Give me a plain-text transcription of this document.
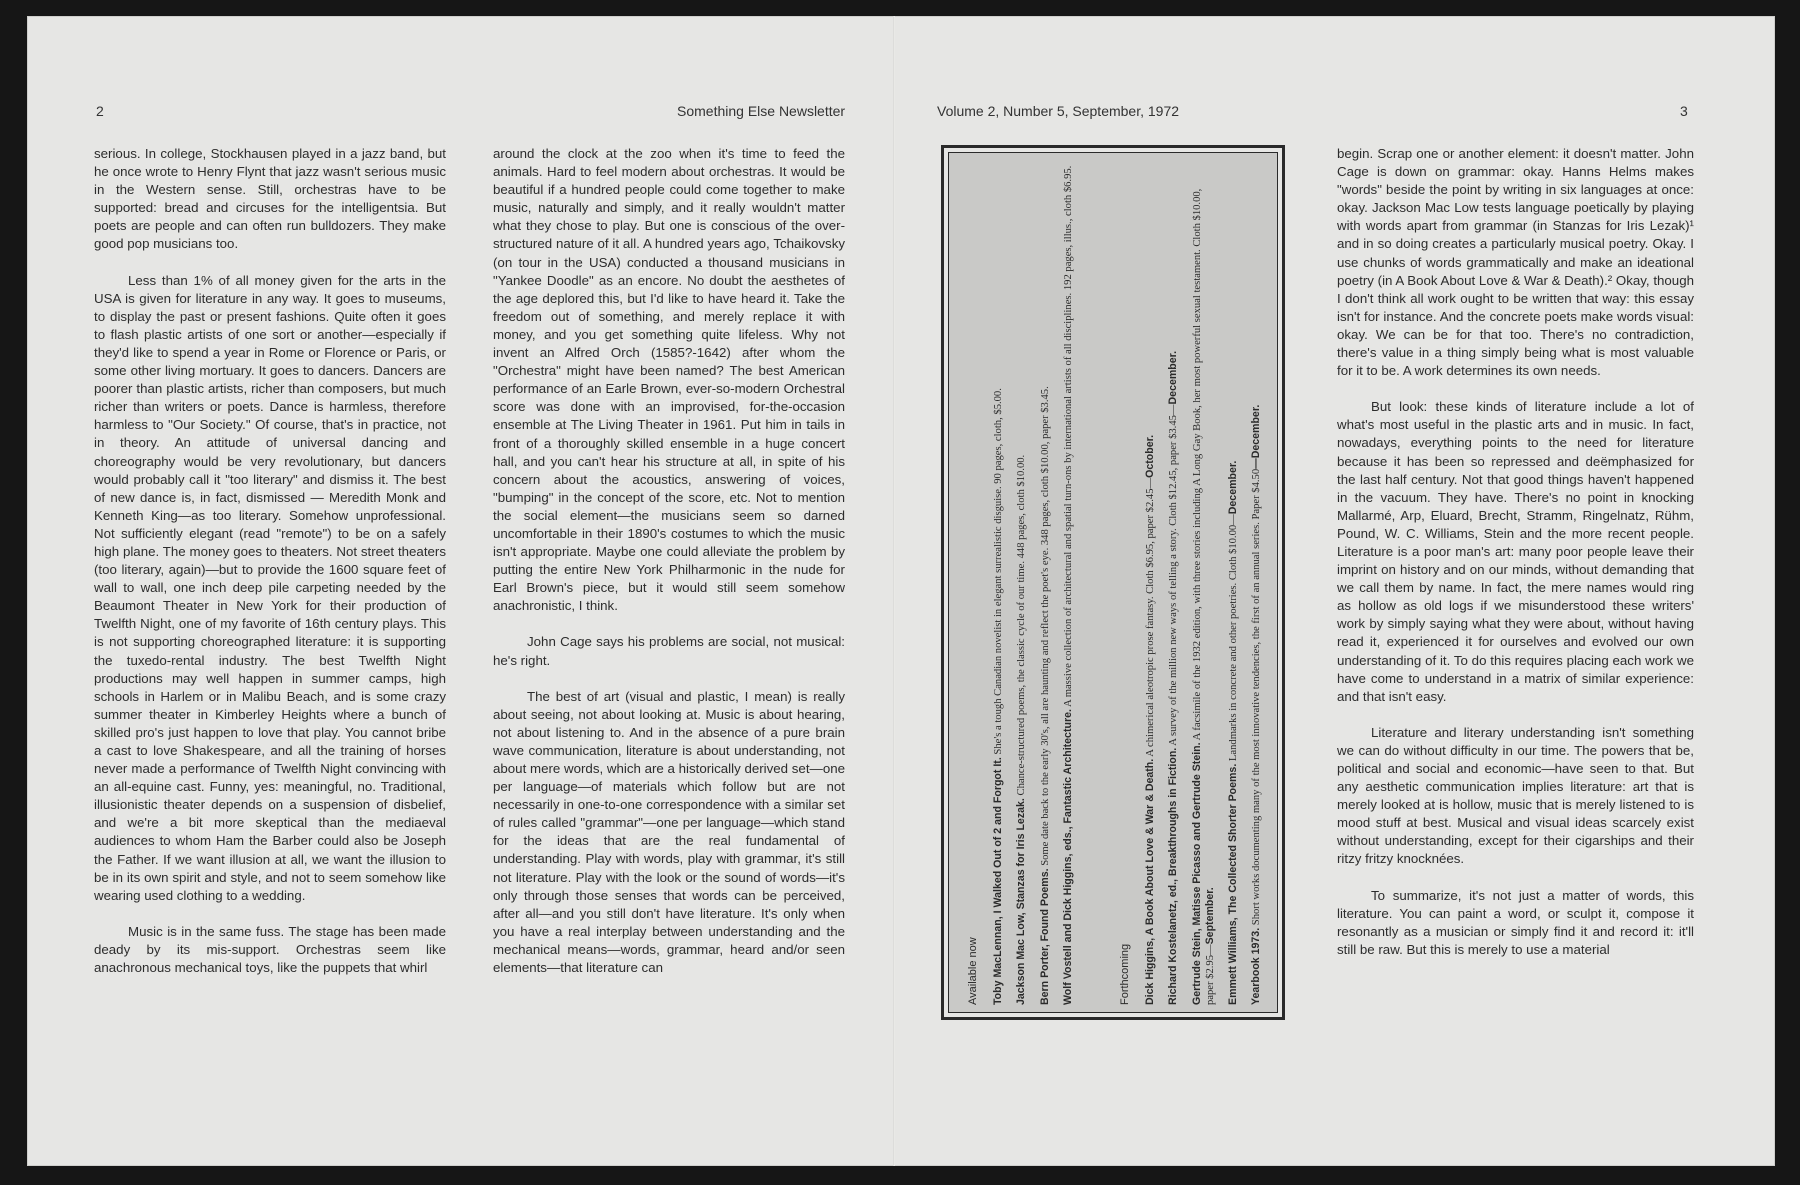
2	Something Else Newsletter	Volume 2, Number 5, September, 1972	3

serious. In college, Stockhausen played in a jazz band, but he once wrote to Henry Flynt that jazz wasn't serious music in the Western sense. Still, orchestras have to be supported: bread and circuses for the intelligentsia. But poets are people and can often run bulldozers. They make good pop musicians too.

Less than 1% of all money given for the arts in the USA is given for literature in any way. It goes to museums, to display the past or present fashions. Quite often it goes to flash plastic artists of one sort or another—especially if they'd like to spend a year in Rome or Florence or Paris, or some other living mortuary. It goes to dancers. Dancers are poorer than plastic artists, richer than composers, but much richer than writers or poets. Dance is harmless, therefore harmless to "Our Society." Of course, that's in practice, not in theory. An attitude of universal dancing and choreography would be very revolutionary, but dancers would probably call it "too literary" and dismiss it. The best of new dance is, in fact, dismissed — Meredith Monk and Kenneth King—as too literary. Somehow unprofessional. Not sufficiently elegant (read "remote") to be on a safely high plane. The money goes to theaters. Not street theaters (too literary, again)—but to provide the 1600 square feet of wall to wall, one inch deep pile carpeting needed by the Beaumont Theater in New York for their production of Twelfth Night, one of my favorite of 16th century plays. This is not supporting choreographed literature: it is supporting the tuxedo-rental industry. The best Twelfth Night productions may well happen in summer camps, high schools in Harlem or in Malibu Beach, and is some crazy summer theater in Kimberley Heights where a bunch of skilled pro's just happen to love that play. You cannot bribe a cast to love Shakespeare, and all the training of horses never made a performance of Twelfth Night convincing with an all-equine cast. Funny, yes: meaningful, no. Traditional, illusionistic theater depends on a suspension of disbelief, and we're a bit more skeptical than the mediaeval audiences to whom Ham the Barber could also be Joseph the Father. If we want illusion at all, we want the illusion to be in its own spirit and style, and not to seem somehow like wearing used clothing to a wedding.

Music is in the same fuss. The stage has been made deady by its mis-support. Orchestras seem like anachronous mechanical toys, like the puppets that whirl

around the clock at the zoo when it's time to feed the animals. Hard to feel modern about orchestras. It would be beautiful if a hundred people could come together to make music, naturally and simply, and it really wouldn't matter what they chose to play. But one is conscious of the over-structured nature of it all. A hundred years ago, Tchaikovsky (on tour in the USA) conducted a thousand musicians in "Yankee Doodle" as an encore. No doubt the aesthetes of the age deplored this, but I'd like to have heard it. Take the freedom out of something, and merely replace it with money, and you get something quite lifeless. Why not invent an Alfred Orch (1585?-1642) after whom the "Orchestra" might have been named? The best American performance of an Earle Brown, ever-so-modern Orchestral score was done with an improvised, for-the-occasion ensemble at The Living Theater in 1961. Put him in tails in front of a thoroughly skilled ensemble in a huge concert hall, and you can't hear his structure at all, in spite of his concern about the acoustics, answering of voices, "bumping" in the concept of the score, etc. Not to mention the social element—the musicians seem so darned uncomfortable in their 1890's costumes to which the music isn't appropriate. Maybe one could alleviate the problem by putting the entire New York Philharmonic in the nude for Earl Brown's piece, but it would still seem somehow anachronistic, I think.

John Cage says his problems are social, not musical: he's right.

The best of art (visual and plastic, I mean) is really about seeing, not about looking at. Music is about hearing, not about listening to. And in the absence of a pure brain wave communication, literature is about understanding, not about mere words, which are a historically derived set—one per language—of materials which follow but are not necessarily in one-to-one correspondence with a similar set of rules called "grammar"—one per language—which stand for the ideas that are the real fundamental of understanding. Play with words, play with grammar, it's still not literature. Play with the look or the sound of words—it's only through those senses that words can be perceived, after all—and you still don't have literature. It's only when you have a real interplay between understanding and the mechanical means—words, grammar, heard and/or seen elements—that literature can	Available now Toby MacLennan, I Walked Out of 2 and Forgot It. She's a tough Canadian novelist in elegant surrealistic disguise. 90 pages, cloth, $5.00.
Jackson Mac Low, Stanzas for Iris Lezak. Chance-structured poems, the classic cycle of our time. 448 pages, cloth $10.00.
Bern Porter, Found Poems. Some date back to the early 30's, all are haunting and reflect the poet's eye. 348 pages, cloth $10.00, paper $3.45. Wolf Vostell and Dick Higgins, eds., Fantastic Architecture. A massive collection of architectural and spatial turn-ons by international artists of all disciplines. 192 pages, illus., cloth $6.95.
Forthcoming Dick Higgins, A Book About Love & War & Death. A chimerical aleotropic prose fantasy. Cloth $6.95, paper $2.45—October.
Richard Kostelanetz, ed., Breakthroughs in Fiction. A survey of the million new ways of telling a story. Cloth $12.45, paper $3.45—December.
Gertrude Stein, Matisse Picasso and Gertrude Stein. A facsimile of the 1932 edition, with three stories including A Long Gay Book, her most powerful sexual testament. Cloth $10.00, paper $2.95—September. Emmett Williams, The Collected Shorter Poems. Landmarks in concrete and other poetries. Cloth $10.00—December.
Yearbook 1973. Short works documenting many of the most innovative tendencies, the first of an annual series. Paper $4.50—December.

begin. Scrap one or another element: it doesn't matter. John Cage is down on grammar: okay. Hanns Helms makes "words" beside the point by writing in six languages at once: okay. Jackson Mac Low tests language poetically by playing with words apart from grammar (in Stanzas for Iris Lezak)¹ and in so doing creates a particularly musical poetry. Okay. I use chunks of words grammatically and make an ideational poetry (in A Book About Love & War & Death).² Okay, though I don't think all work ought to be written that way: this essay isn't for instance. And the concrete poets make words visual: okay. We can be for that too. There's no contradiction, there's value in a thing simply being what is most valuable for it to be. A work determines its own needs.

But look: these kinds of literature include a lot of what's most useful in the plastic arts and in music. In fact, nowadays, everything points to the need for literature because it has been so repressed and deëmphasized for the last half century. Not that good things haven't happened in the vacuum. They have. There's no point in knocking Mallarmé, Arp, Eluard, Brecht, Stramm, Ringelnatz, Rühm, Pound, W. C. Williams, Stein and the more recent people. Literature is a poor man's art: many poor people leave their imprint on history and on our minds, without demanding that we call them by name. In fact, the mere names would ring as hollow as old logs if we misunderstood these writers' work by simply saying what they were about, without having read it, experienced it for ourselves and evolved our own understanding of it. To do this requires placing each work we have come to understand in a matrix of similar experience: and that isn't easy.

Literature and literary understanding isn't something we can do without difficulty in our time. The powers that be, political and social and economic—have seen to that. But any aesthetic communication implies literature: art that is merely looked at is hollow, music that is merely listened to is mood stuff at best. Musical and visual ideas scarcely exist without understanding, except for their cigarships and their ritzy fritzy knocknées.

To summarize, it's not just a matter of words, this literature. You can paint a word, or sculpt it, compose it resonantly as a musician or simply find it and record it: it'll still be raw. But this is merely to use a material
